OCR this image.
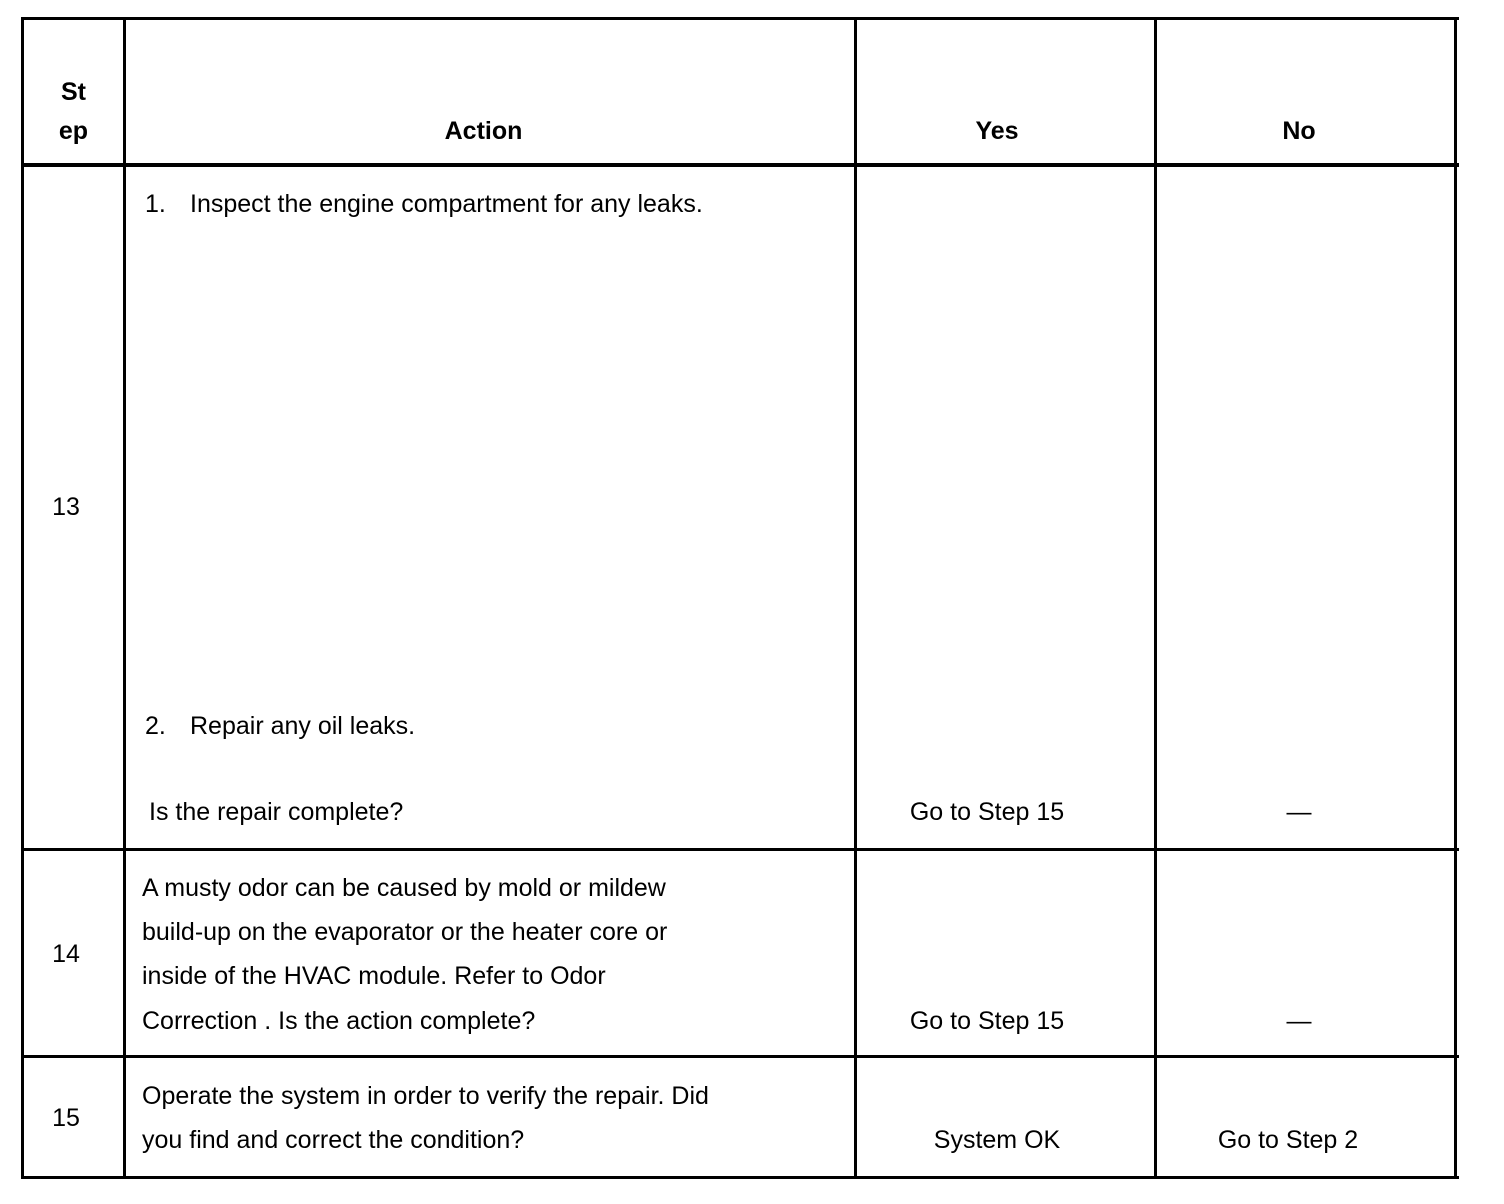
St
ep	Action	Yes	No
13
1. Inspect the engine compartment for any leaks.
2. Repair any oil leaks.
Is the repair complete?	Go to Step 15	—
14
A musty odor can be caused by mold or mildew
build-up on the evaporator or the heater core or
inside of the HVAC module. Refer to Odor
Correction . Is the action complete?	Go to Step 15	—
15
Operate the system in order to verify the repair. Did
you find and correct the condition?	System OK	Go to Step 2
